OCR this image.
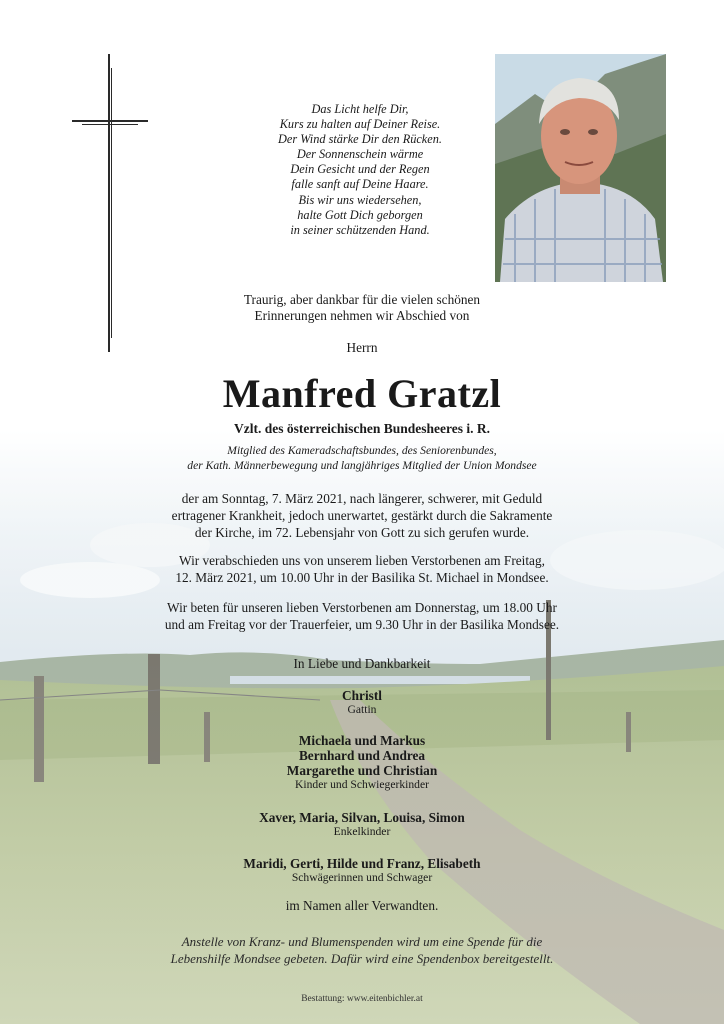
Das Licht helfe Dir,
Kurs zu halten auf Deiner Reise.
Der Wind stärke Dir den Rücken.
Der Sonnenschein wärme
Dein Gesicht und der Regen
falle sanft auf Deine Haare.
Bis wir uns wiedersehen,
halte Gott Dich geborgen
in seiner schützenden Hand.
Traurig, aber dankbar für die vielen schönen
Erinnerungen nehmen wir Abschied von
Herrn
Manfred Gratzl
Vzlt. des österreichischen Bundesheeres i. R.
Mitglied des Kameradschaftsbundes, des Seniorenbundes,
der Kath. Männerbewegung und langjähriges Mitglied der Union Mondsee
der am Sonntag, 7. März 2021, nach längerer, schwerer, mit Geduld
ertragener Krankheit, jedoch unerwartet, gestärkt durch die Sakramente
der Kirche, im 72. Lebensjahr von Gott zu sich gerufen wurde.
Wir verabschieden uns von unserem lieben Verstorbenen am Freitag,
12. März 2021, um 10.00 Uhr in der Basilika St. Michael in Mondsee.
Wir beten für unseren lieben Verstorbenen am Donnerstag, um 18.00 Uhr
und am Freitag vor der Trauerfeier, um 9.30 Uhr in der Basilika Mondsee.
In Liebe und Dankbarkeit
Christl
Gattin
Michaela und Markus
Bernhard und Andrea
Margarethe und Christian
Kinder und Schwiegerkinder
Xaver, Maria, Silvan, Louisa, Simon
Enkelkinder
Maridi, Gerti, Hilde und Franz, Elisabeth
Schwägerinnen und Schwager
im Namen aller Verwandten.
Anstelle von Kranz- und Blumenspenden wird um eine Spende für die
Lebenshilfe Mondsee gebeten. Dafür wird eine Spendenbox bereitgestellt.
Bestattung: www.eitenbichler.at
